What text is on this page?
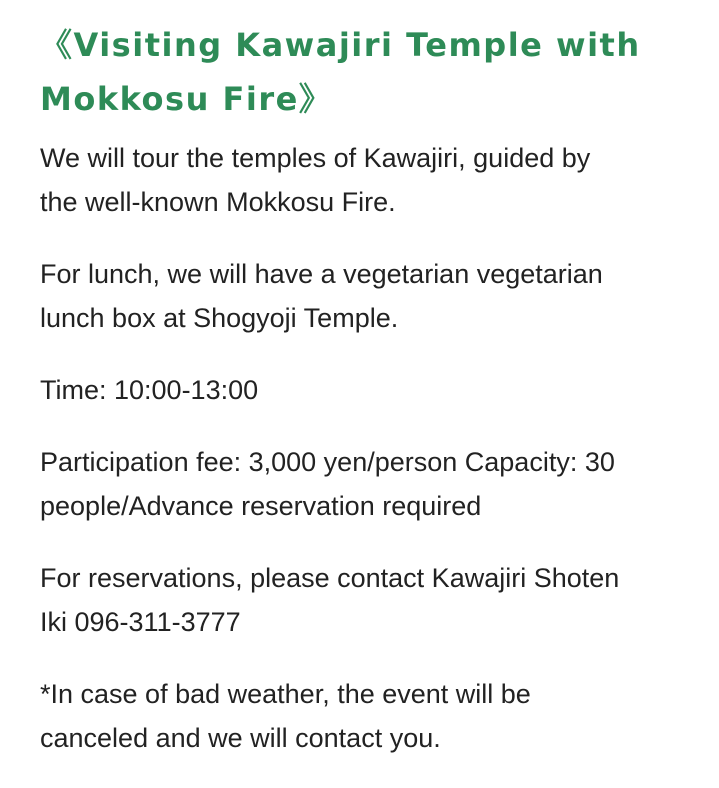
《Visiting Kawajiri Temple with
Mokkosu Fire》
We will tour the temples of Kawajiri, guided by
the well-known Mokkosu Fire.
For lunch, we will have a vegetarian vegetarian
lunch box at Shogyoji Temple.
Time: 10:00-13:00
Participation fee: 3,000 yen/person Capacity: 30
people/Advance reservation required
For reservations, please contact Kawajiri Shoten
Iki 096-311-3777
*In case of bad weather, the event will be
canceled and we will contact you.
